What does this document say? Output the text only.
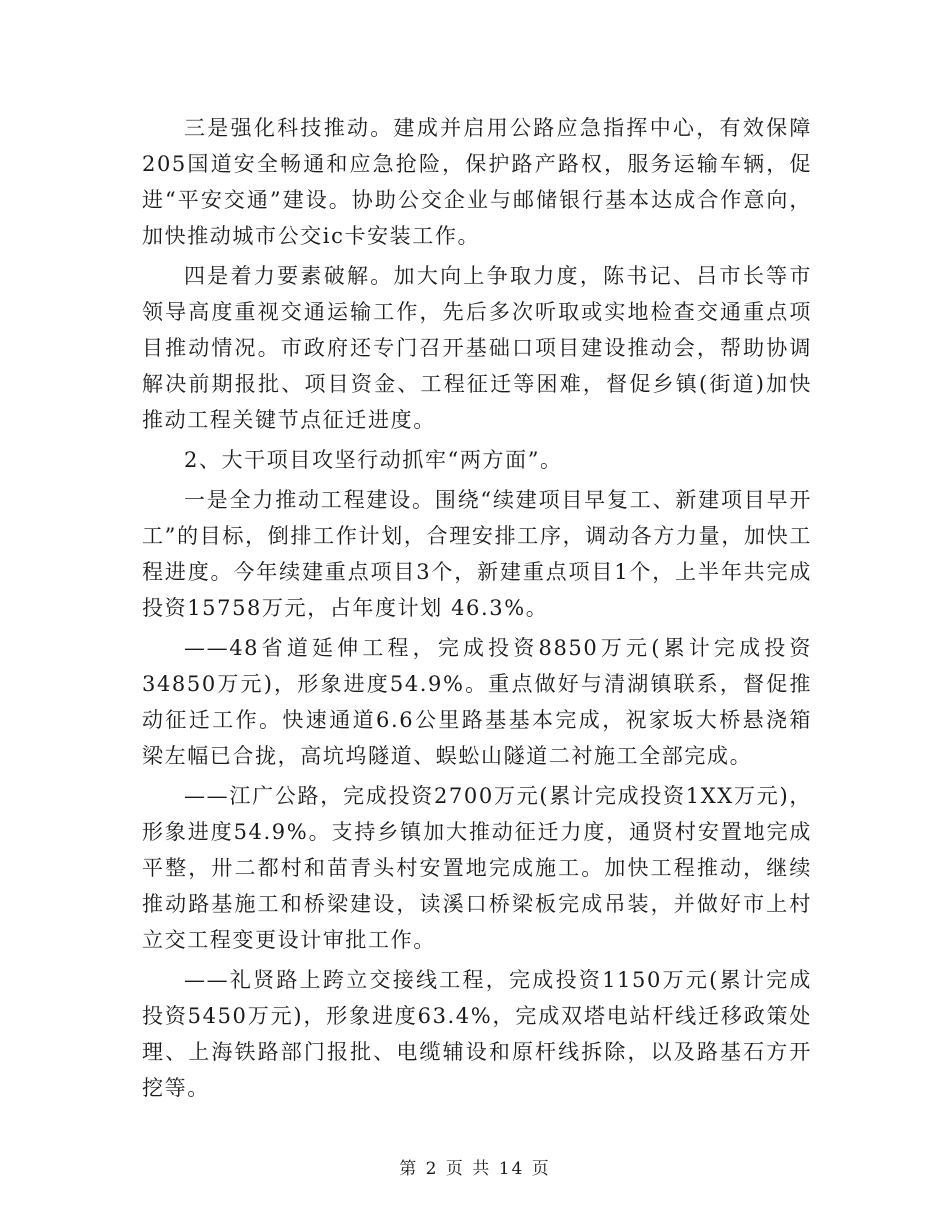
三是强化科技推动。建成并启用公路应急指挥中心，有效保障205国道安全畅通和应急抢险，保护路产路权，服务运输车辆，促进“平安交通”建设。协助公交企业与邮储银行基本达成合作意向，加快推动城市公交ic卡安装工作。

四是着力要素破解。加大向上争取力度，陈书记、吕市长等市领导高度重视交通运输工作，先后多次听取或实地检查交通重点项目推动情况。市政府还专门召开基础口项目建设推动会，帮助协调解决前期报批、项目资金、工程征迁等困难，督促乡镇(街道)加快推动工程关键节点征迁进度。

2、大干项目攻坚行动抓牢“两方面”。

一是全力推动工程建设。围绕“续建项目早复工、新建项目早开工”的目标，倒排工作计划，合理安排工序，调动各方力量，加快工程进度。今年续建重点项目3个，新建重点项目1个，上半年共完成投资15758万元，占年度计划 46.3%。

——48省道延伸工程，完成投资8850万元(累计完成投资34850万元)，形象进度54.9%。重点做好与清湖镇联系，督促推动征迁工作。快速通道6.6公里路基基本完成，祝家坂大桥悬浇箱梁左幅已合拢，高坑坞隧道、蜈蚣山隧道二衬施工全部完成。

——江广公路，完成投资2700万元(累计完成投资1XX万元)，形象进度54.9%。支持乡镇加大推动征迁力度，通贤村安置地完成平整，卅二都村和苗青头村安置地完成施工。加快工程推动，继续推动路基施工和桥梁建设，读溪口桥梁板完成吊装，并做好市上村立交工程变更设计审批工作。

——礼贤路上跨立交接线工程，完成投资1150万元(累计完成投资5450万元)，形象进度63.4%，完成双塔电站杆线迁移政策处理、上海铁路部门报批、电缆辅设和原杆线拆除，以及路基石方开挖等。

第 2 页 共 14 页
